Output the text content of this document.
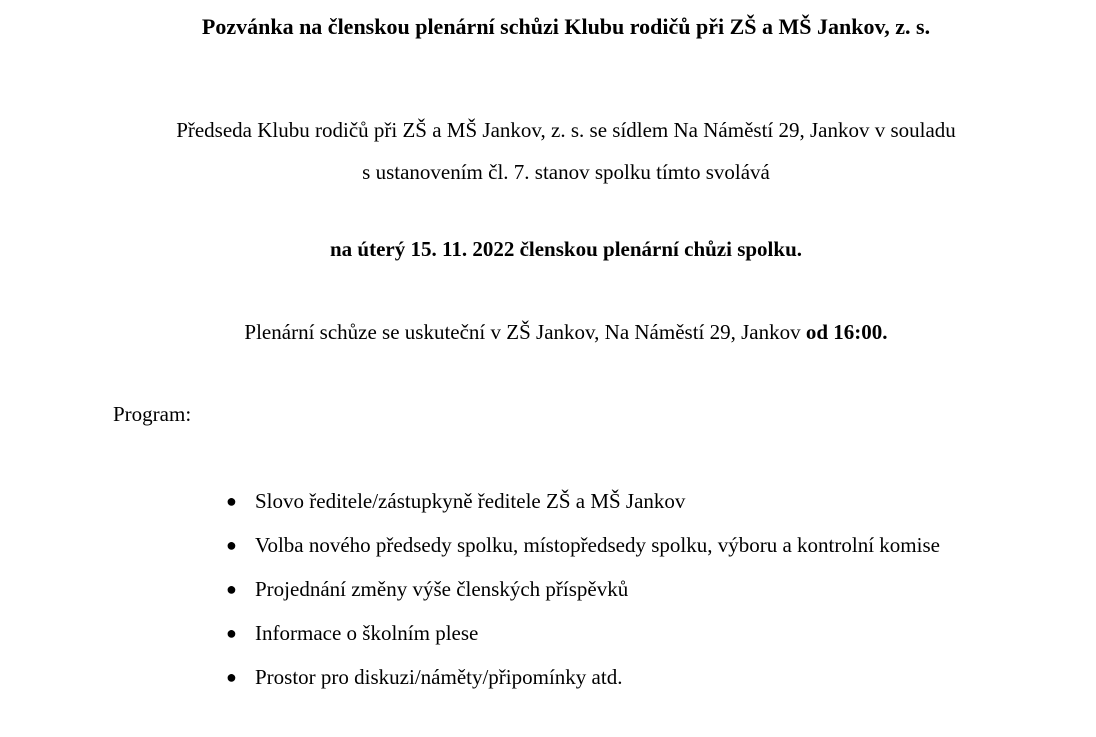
Pozvánka na členskou plenární schůzi Klubu rodičů při ZŠ a MŠ Jankov, z. s.

Předseda Klubu rodičů při ZŠ a MŠ Jankov, z. s. se sídlem Na Náměstí 29, Jankov v souladu
s ustanovením čl. 7. stanov spolku tímto svolává

na úterý 15. 11. 2022 členskou plenární chůzi spolku.

Plenární schůze se uskuteční v ZŠ Jankov, Na Náměstí 29, Jankov od 16:00.

Program:

● Slovo ředitele/zástupkyně ředitele ZŠ a MŠ Jankov
● Volba nového předsedy spolku, místopředsedy spolku, výboru a kontrolní komise
● Projednání změny výše členských příspěvků
● Informace o školním plese
● Prostor pro diskuzi/náměty/připomínky atd.
